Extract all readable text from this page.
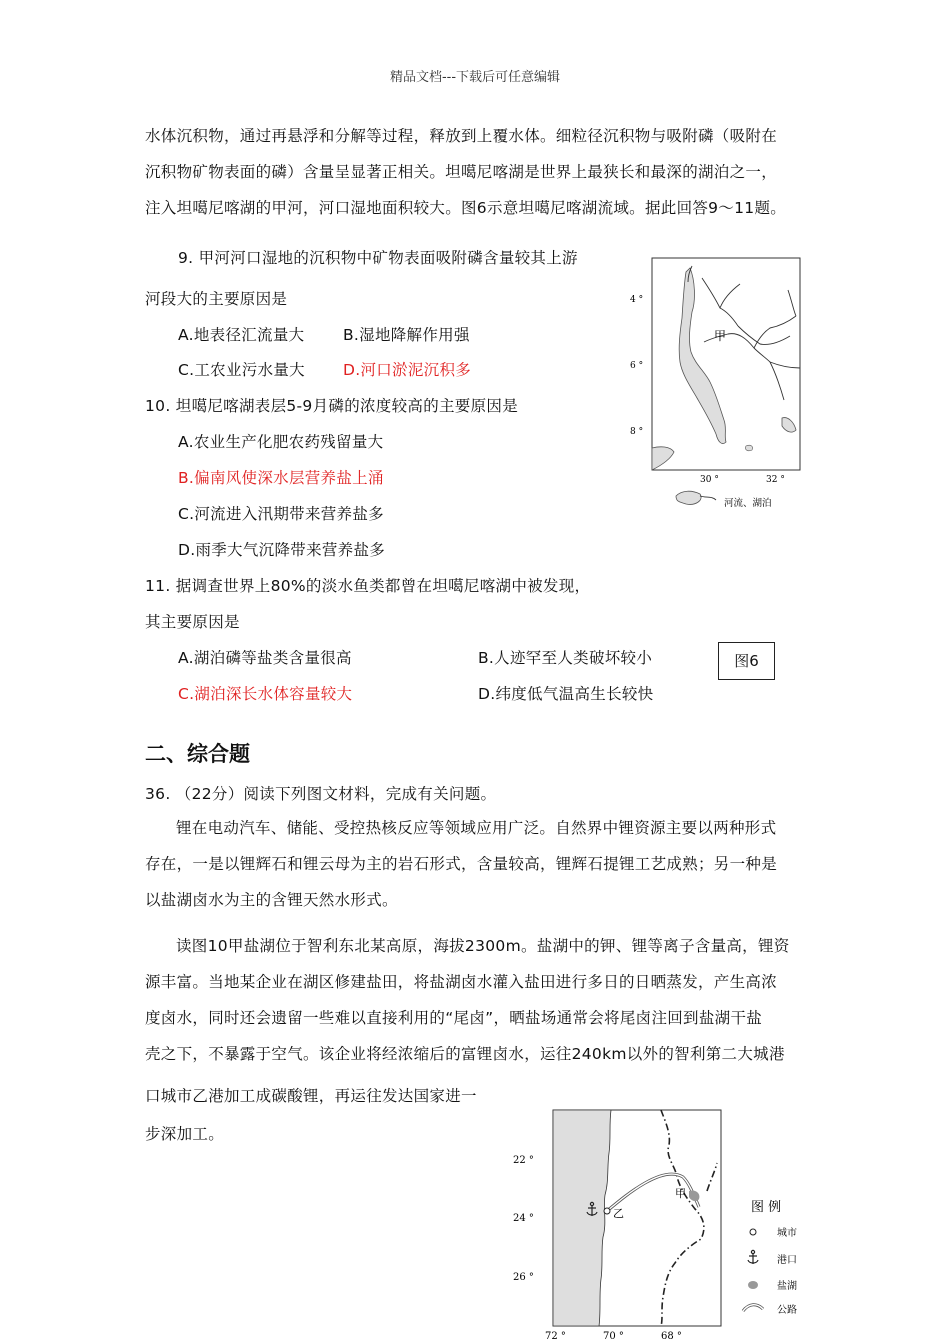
精品文档---下载后可任意编辑
水体沉积物，通过再悬浮和分解等过程，释放到上覆水体。细粒径沉积物与吸附磷（吸附在
沉积物矿物表面的磷）含量呈显著正相关。坦噶尼喀湖是世界上最狭长和最深的湖泊之一，
注入坦噶尼喀湖的甲河，河口湿地面积较大。图6示意坦噶尼喀湖流域。据此回答9～11题。
9. 甲河河口湿地的沉积物中矿物表面吸附磷含量较其上游
河段大的主要原因是
A.地表径汇流量大 B.湿地降解作用强
C.工农业污水量大 D.河口淤泥沉积多
10. 坦噶尼喀湖表层5-9月磷的浓度较高的主要原因是
A.农业生产化肥农药残留量大
B.偏南风使深水层营养盐上涌
C.河流进入汛期带来营养盐多
D.雨季大气沉降带来营养盐多
11. 据调查世界上80%的淡水鱼类都曾在坦噶尼喀湖中被发现，
其主要原因是
A.湖泊磷等盐类含量很高	B.人迹罕至人类破坏较小
C.湖泊深长水体容量较大	D.纬度低气温高生长较快
4 °
6 °
8 °
30 °	32 °
甲
河流、湖泊
图6
二、综合题
36. （22分）阅读下列图文材料，完成有关问题。
锂在电动汽车、储能、受控热核反应等领域应用广泛。自然界中锂资源主要以两种形式
存在，一是以锂辉石和锂云母为主的岩石形式，含量较高，锂辉石提锂工艺成熟；另一种是
以盐湖卤水为主的含锂天然水形式。
读图10甲盐湖位于智利东北某高原，海拔2300m。盐湖中的钾、锂等离子含量高，锂资
源丰富。当地某企业在湖区修建盐田，将盐湖卤水灌入盐田进行多日的日晒蒸发，产生高浓
度卤水，同时还会遗留一些难以直接利用的“尾卤”，晒盐场通常会将尾卤注回到盐湖干盐
壳之下，不暴露于空气。该企业将经浓缩后的富锂卤水，运往240km以外的智利第二大城港
口城市乙港加工成碳酸锂，再运往发达国家进一
步深加工。
甲
乙
22 °
24 °
26 °
72 °	70 °	68 °
图 例
城市
港口
盐湖
公路
